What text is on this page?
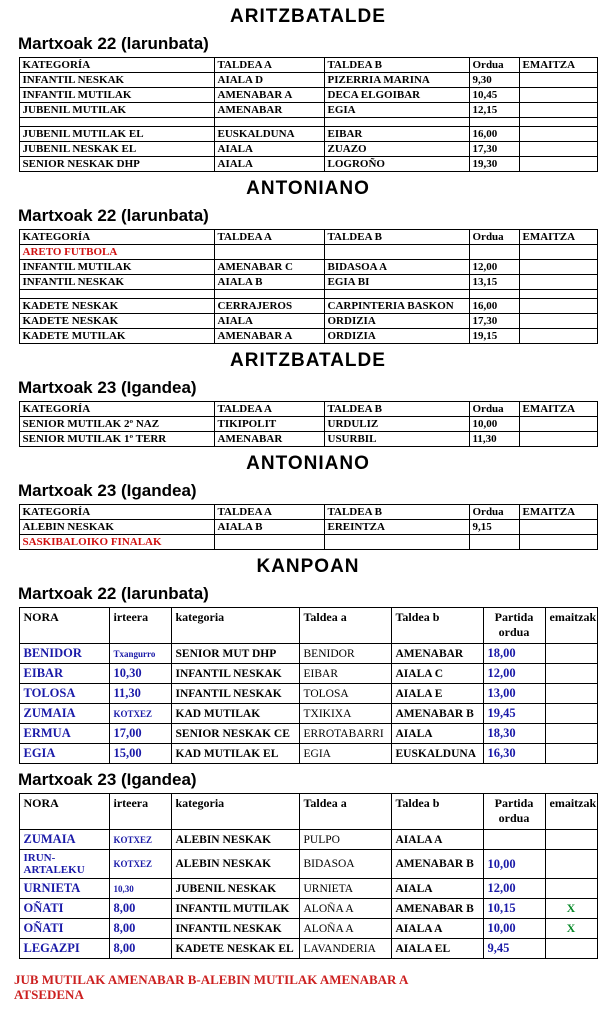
ARITZBATALDE
Martxoak 22 (larunbata)
KATEGORÍA	TALDEA A	TALDEA B	Ordua	EMAITZA
INFANTIL NESKAK	AIALA D	PIZERRIA MARINA	9,30	
INFANTIL MUTILAK	AMENABAR A	DECA ELGOIBAR	10,45	
JUBENIL MUTILAK	AMENABAR	EGIA	12,15	

JUBENIL MUTILAK EL	EUSKALDUNA	EIBAR	16,00	
JUBENIL NESKAK EL	AIALA	ZUAZO	17,30	
SENIOR NESKAK DHP	AIALA	LOGROÑO	19,30	
ANTONIANO
Martxoak 22 (larunbata)
KATEGORÍA	TALDEA A	TALDEA B	Ordua	EMAITZA
ARETO FUTBOLA				
INFANTIL MUTILAK	AMENABAR C	BIDASOA A	12,00	
INFANTIL NESKAK	AIALA B	EGIA BI	13,15	

KADETE NESKAK	CERRAJEROS	CARPINTERIA BASKON	16,00	
KADETE NESKAK	AIALA	ORDIZIA	17,30	
KADETE MUTILAK	AMENABAR A	ORDIZIA	19,15	
ARITZBATALDE
Martxoak 23 (Igandea)
KATEGORÍA	TALDEA A	TALDEA B	Ordua	EMAITZA
SENIOR MUTILAK 2º NAZ	TIKIPOLIT	URDULIZ	10,00	
SENIOR MUTILAK 1º TERR	AMENABAR	USURBIL	11,30	
ANTONIANO
Martxoak 23 (Igandea)
KATEGORÍA	TALDEA A	TALDEA B	Ordua	EMAITZA
ALEBIN NESKAK	AIALA B	EREINTZA	9,15	
SASKIBALOIKO FINALAK				
KANPOAN
Martxoak 22 (larunbata)
NORA	irteera	kategoria	Taldea a	Taldea b	Partida ordua	emaitzak
BENIDOR	Txangurro	SENIOR MUT DHP	BENIDOR	AMENABAR	18,00	
EIBAR	10,30	INFANTIL NESKAK	EIBAR	AIALA C	12,00	
TOLOSA	11,30	INFANTIL NESKAK	TOLOSA	AIALA E	13,00	
ZUMAIA	KOTXEZ	KAD MUTILAK	TXIKIXA	AMENABAR B	19,45	
ERMUA	17,00	SENIOR NESKAK CE	ERROTABARRI	AIALA	18,30	
EGIA	15,00	KAD MUTILAK EL	EGIA	EUSKALDUNA	16,30	
Martxoak 23 (Igandea)
NORA	irteera	kategoria	Taldea a	Taldea b	Partida ordua	emaitzak
ZUMAIA	KOTXEZ	ALEBIN NESKAK	PULPO	AIALA A		
IRUN-ARTALEKU	KOTXEZ	ALEBIN NESKAK	BIDASOA	AMENABAR B	10,00	
URNIETA	10,30	JUBENIL NESKAK	URNIETA	AIALA	12,00	
OÑATI	8,00	INFANTIL MUTILAK	ALOÑA A	AMENABAR B	10,15	X
OÑATI	8,00	INFANTIL NESKAK	ALOÑA A	AIALA A	10,00	X
LEGAZPI	8,00	KADETE NESKAK EL	LAVANDERIA	AIALA EL	9,45	
JUB MUTILAK AMENABAR B-ALEBIN MUTILAK AMENABAR A
ATSEDENA
